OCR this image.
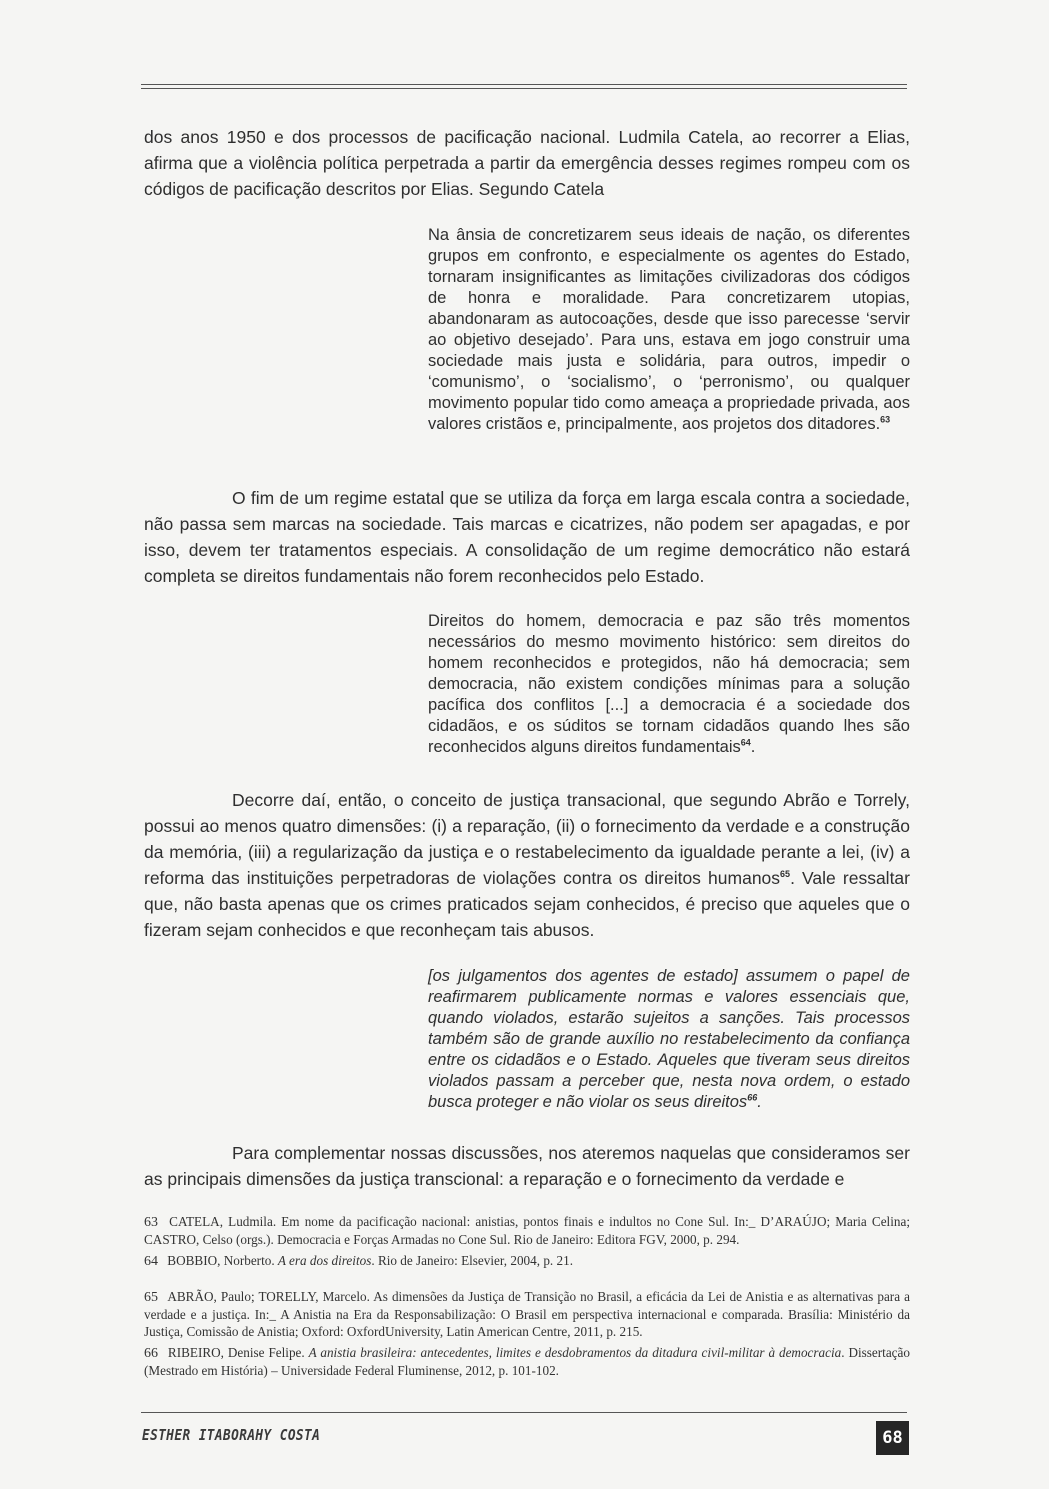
dos anos 1950 e dos processos de pacificação nacional. Ludmila Catela, ao recorrer a Elias, afirma que a violência política perpetrada a partir da emergência desses regimes rompeu com os códigos de pacificação descritos por Elias. Segundo Catela

Na ânsia de concretizarem seus ideais de nação, os diferentes grupos em confronto, e especialmente os agentes do Estado, tornaram insignificantes as limitações civilizadoras dos códigos de honra e moralidade. Para concretizarem utopias, abandonaram as autocoações, desde que isso parecesse ‘servir ao objetivo desejado’. Para uns, estava em jogo construir uma sociedade mais justa e solidária, para outros, impedir o ‘comunismo’, o ‘socialismo’, o ‘perronismo’, ou qualquer movimento popular tido como ameaça a propriedade privada, aos valores cristãos e, principalmente, aos projetos dos ditadores.$^{63}$

O fim de um regime estatal que se utiliza da força em larga escala contra a sociedade, não passa sem marcas na sociedade. Tais marcas e cicatrizes, não podem ser apagadas, e por isso, devem ter tratamentos especiais. A consolidação de um regime democrático não estará completa se direitos fundamentais não forem reconhecidos pelo Estado.

Direitos do homem, democracia e paz são três momentos necessários do mesmo movimento histórico: sem direitos do homem reconhecidos e protegidos, não há democracia; sem democracia, não existem condições mínimas para a solução pacífica dos conflitos [...] a democracia é a sociedade dos cidadãos, e os súditos se tornam cidadãos quando lhes são reconhecidos alguns direitos fundamentais$^{64}$.

Decorre daí, então, o conceito de justiça transacional, que segundo Abrão e Torrely, possui ao menos quatro dimensões: (i) a reparação, (ii) o fornecimento da verdade e a construção da memória, (iii) a regularização da justiça e o restabelecimento da igualdade perante a lei, (iv) a reforma das instituições perpetradoras de violações contra os direitos humanos$^{65}$. Vale ressaltar que, não basta apenas que os crimes praticados sejam conhecidos, é preciso que aqueles que o fizeram sejam conhecidos e que reconheçam tais abusos.

[os julgamentos dos agentes de estado] assumem o papel de reafirmarem publicamente normas e valores essenciais que, quando violados, estarão sujeitos a sanções. Tais processos também são de grande auxílio no restabelecimento da confiança entre os cidadãos e o Estado. Aqueles que tiveram seus direitos violados passam a perceber que, nesta nova ordem, o estado busca proteger e não violar os seus direitos$^{66}$.

Para complementar nossas discussões, nos ateremos naquelas que consideramos ser as principais dimensões da justiça transcional: a reparação e o fornecimento da verdade e

63 CATELA, Ludmila. Em nome da pacificação nacional: anistias, pontos finais e indultos no Cone Sul. In:_ D’ARAÚJO; Maria Celina; CASTRO, Celso (orgs.). Democracia e Forças Armadas no Cone Sul. Rio de Janeiro: Editora FGV, 2000, p. 294.

64 BOBBIO, Norberto. A era dos direitos. Rio de Janeiro: Elsevier, 2004, p. 21.

65 ABRÃO, Paulo; TORELLY, Marcelo. As dimensões da Justiça de Transição no Brasil, a eficácia da Lei de Anistia e as alternativas para a verdade e a justiça. In:_ A Anistia na Era da Responsabilização: O Brasil em perspectiva internacional e comparada. Brasília: Ministério da Justiça, Comissão de Anistia; Oxford: OxfordUniversity, Latin American Centre, 2011, p. 215.

66 RIBEIRO, Denise Felipe. A anistia brasileira: antecedentes, limites e desdobramentos da ditadura civil-militar à democracia. Dissertação (Mestrado em História) – Universidade Federal Fluminense, 2012, p. 101-102.

ESTHER ITABORAHY COSTA	68
